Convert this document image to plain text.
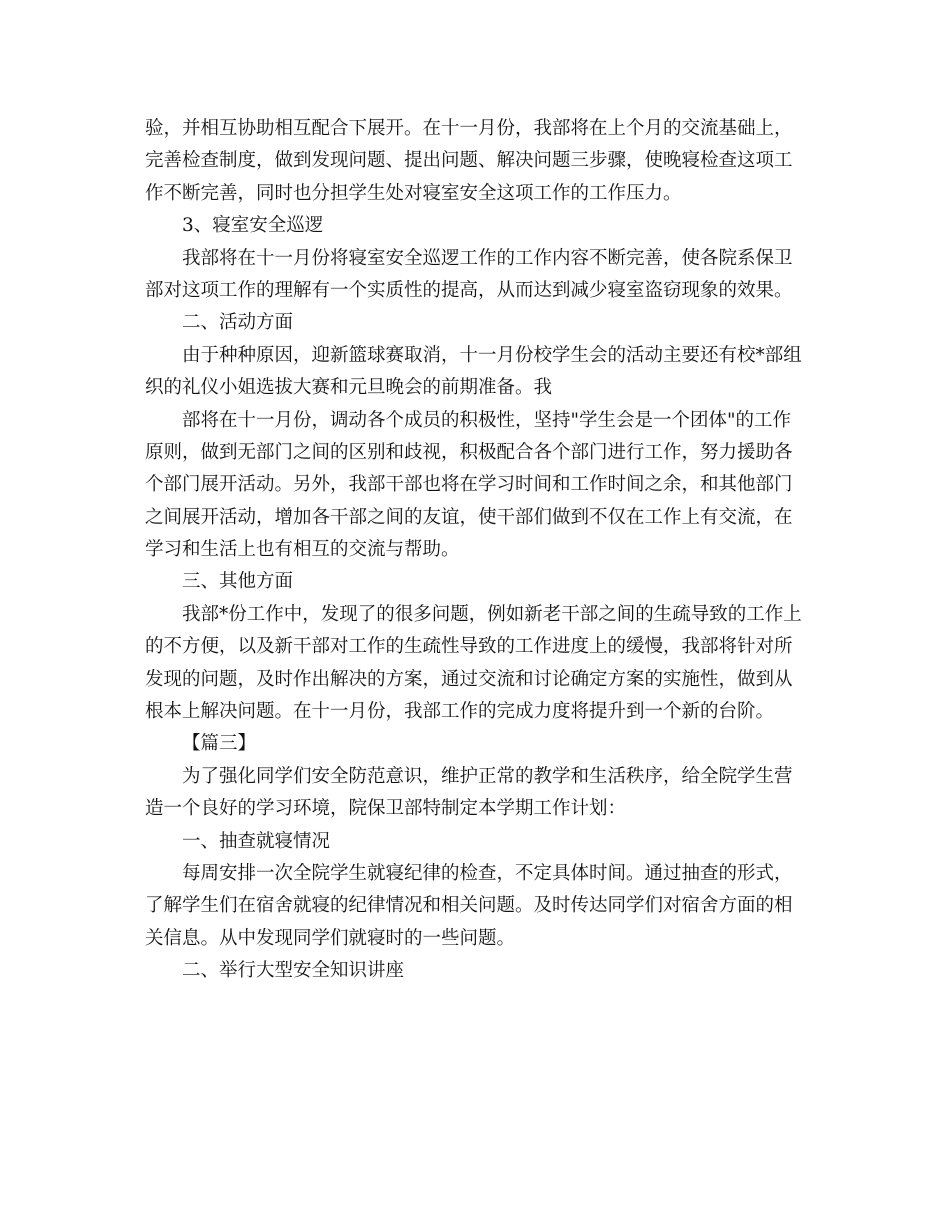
验，并相互协助相互配合下展开。在十一月份，我部将在上个月的交流基础上，
完善检查制度，做到发现问题、提出问题、解决问题三步骤，使晚寝检查这项工
作不断完善，同时也分担学生处对寝室安全这项工作的工作压力。
3、寝室安全巡逻
我部将在十一月份将寝室安全巡逻工作的工作内容不断完善，使各院系保卫
部对这项工作的理解有一个实质性的提高，从而达到减少寝室盗窃现象的效果。
二、活动方面
由于种种原因，迎新篮球赛取消，十一月份校学生会的活动主要还有校*部组
织的礼仪小姐选拔大赛和元旦晚会的前期准备。我
部将在十一月份，调动各个成员的积极性，坚持"学生会是一个团体"的工作
原则，做到无部门之间的区别和歧视，积极配合各个部门进行工作，努力援助各
个部门展开活动。另外，我部干部也将在学习时间和工作时间之余，和其他部门
之间展开活动，增加各干部之间的友谊，使干部们做到不仅在工作上有交流，在
学习和生活上也有相互的交流与帮助。
三、其他方面
我部*份工作中，发现了的很多问题，例如新老干部之间的生疏导致的工作上
的不方便，以及新干部对工作的生疏性导致的工作进度上的缓慢，我部将针对所
发现的问题，及时作出解决的方案，通过交流和讨论确定方案的实施性，做到从
根本上解决问题。在十一月份，我部工作的完成力度将提升到一个新的台阶。
【篇三】
为了强化同学们安全防范意识，维护正常的教学和生活秩序，给全院学生营
造一个良好的学习环境，院保卫部特制定本学期工作计划：
一、抽查就寝情况
每周安排一次全院学生就寝纪律的检查，不定具体时间。通过抽查的形式，
了解学生们在宿舍就寝的纪律情况和相关问题。及时传达同学们对宿舍方面的相
关信息。从中发现同学们就寝时的一些问题。
二、举行大型安全知识讲座
